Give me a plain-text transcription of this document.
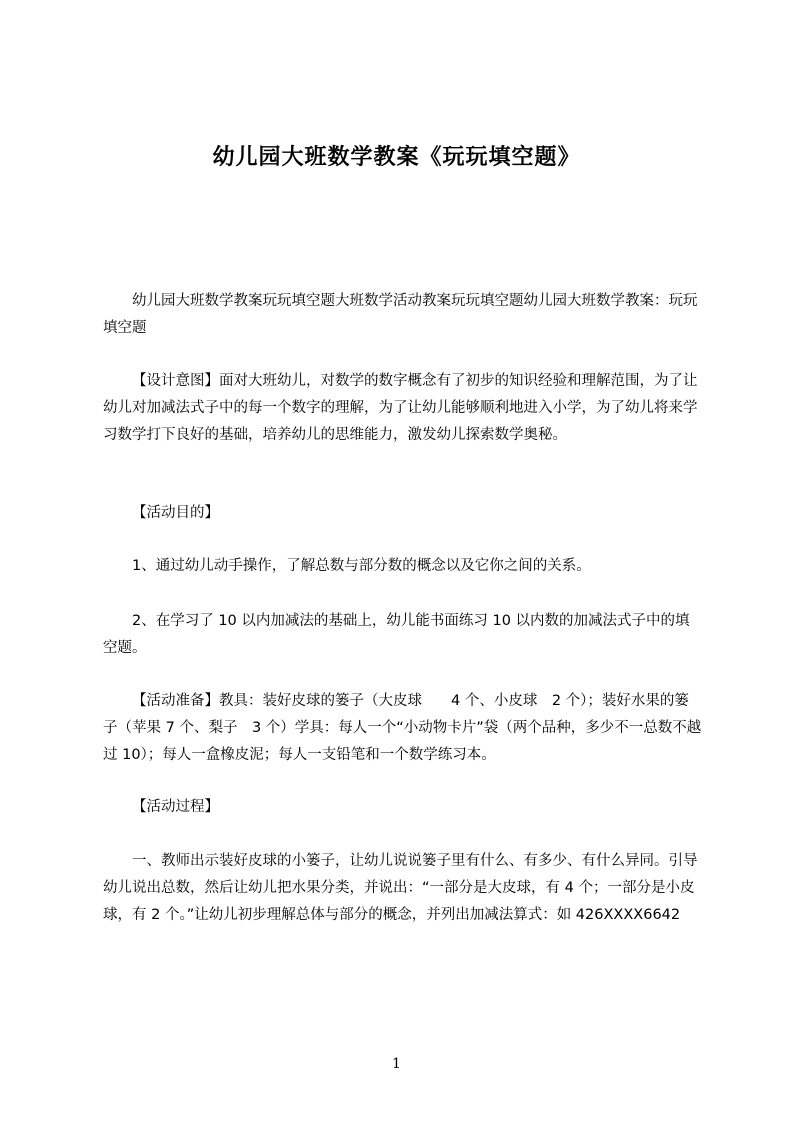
幼儿园大班数学教案《玩玩填空题》

幼儿园大班数学教案玩玩填空题大班数学活动教案玩玩填空题幼儿园大班数学教案：玩玩填空题

【设计意图】面对大班幼儿，对数学的数字概念有了初步的知识经验和理解范围，为了让幼儿对加减法式子中的每一个数字的理解，为了让幼儿能够顺利地进入小学，为了幼儿将来学习数学打下良好的基础，培养幼儿的思维能力，激发幼儿探索数学奥秘。

【活动目的】

1、通过幼儿动手操作，了解总数与部分数的概念以及它你之间的关系。

2、在学习了 10 以内加减法的基础上，幼儿能书面练习 10 以内数的加减法式子中的填空题。

【活动准备】教具：装好皮球的篓子（大皮球　　4 个、小皮球　2 个）；装好水果的篓子（苹果 7 个、梨子　3 个）学具：每人一个“小动物卡片”袋（两个品种，多少不一总数不越过 10）；每人一盒橡皮泥；每人一支铅笔和一个数学练习本。

【活动过程】

一、教师出示装好皮球的小篓子，让幼儿说说篓子里有什么、有多少、有什么异同。引导幼儿说出总数，然后让幼儿把水果分类，并说出：“一部分是大皮球，有 4 个；一部分是小皮球，有 2 个。”让幼儿初步理解总体与部分的概念，并列出加减法算式：如 426XXXX6642

1
